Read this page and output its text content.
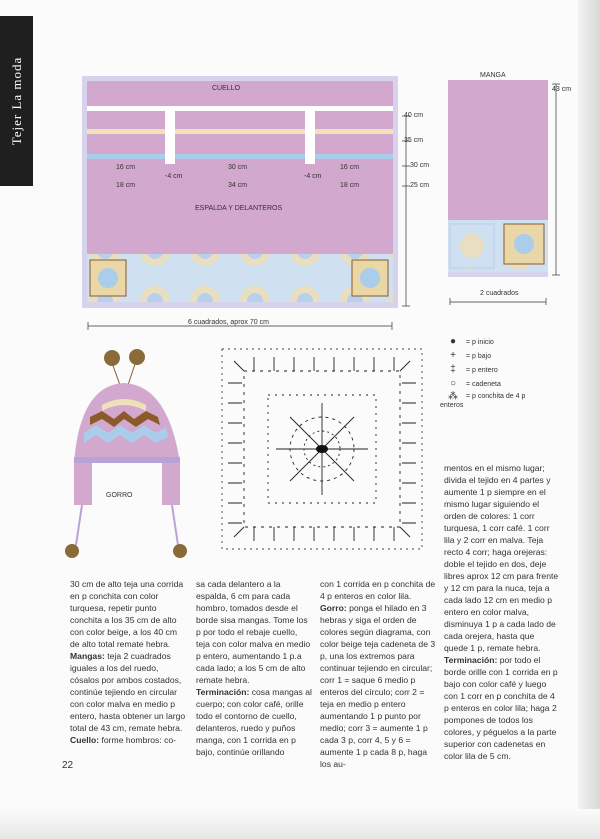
Tejer La moda	CUELLO
16 cm	30 cm	16 cm
-4 cm	-4 cm
18 cm	34 cm	18 cm
ESPALDA Y DELANTEROS
40 cm
35 cm
30 cm
25 cm
6 cuadrados, aprox 70 cm
MANGA
43 cm
2 cuadrados
GORRO
● = p inicio
+ = p bajo
‡ = p entero
○ = cadeneta
⁂	= p conchita de 4 p enteros

30 cm de alto teja una corrida en p conchita con color turquesa, repetir punto conchita a los 35 cm de alto con color beige, a los 40 cm de alto total remate hebra.

Mangas: teja 2 cuadrados iguales a los del ruedo, cósalos por ambos costados, continúe tejiendo en circular con color malva en medio p entero, hasta obtener un largo total de 43 cm, remate hebra.

Cuello: forme hombros: co-

sa cada delantero a la espalda, 6 cm para cada hombro, tomados desde el borde sisa mangas. Tome los p por todo el rebaje cuello, teja con color malva en medio p entero, aumentando 1 p.a cada lado; a los 5 cm de alto remate hebra.

Terminación: cosa mangas al cuerpo; con color café, orille todo el contorno de cuello, delanteros, ruedo y puños manga, con 1 corrida en p bajo, continúe orillando

con 1 corrida en p conchita de 4 p enteros en color lila.

Gorro: ponga el hilado en 3 hebras y siga el orden de colores según diagrama, con color beige teja cadeneta de 3 p, una los extremos para continuar tejiendo en circular; corr 1 = saque 6 medio p enteros del círculo; corr 2 = teja en medio p entero aumentando 1 p punto por medio; corr 3 = aumente 1 p cada 3 p, corr 4, 5 y 6 = aumente 1 p cada 8 p, haga los au-

mentos en el mismo lugar; divida el tejido en 4 partes y aumente 1 p siempre en el mismo lugar siguiendo el orden de colores: 1 corr turquesa, 1 corr café. 1 corr lila y 2 corr en malva. Teja recto 4 corr; haga orejeras: doble el tejido en dos, deje libres aprox 12 cm para frente y 12 cm para la nuca, teja a cada lado 12 cm en medio p entero en color malva, disminuya 1 p a cada lado de cada orejera, hasta que quede 1 p, remate hebra.

Terminación: por todo el borde orille con 1 corrida en p bajo con color café y luego con 1 corr en p conchita de 4 p enteros en color lila; haga 2 pompones de todos los colores, y péguelos a la parte superior con cadenetas en color lila de 5 cm.

22
